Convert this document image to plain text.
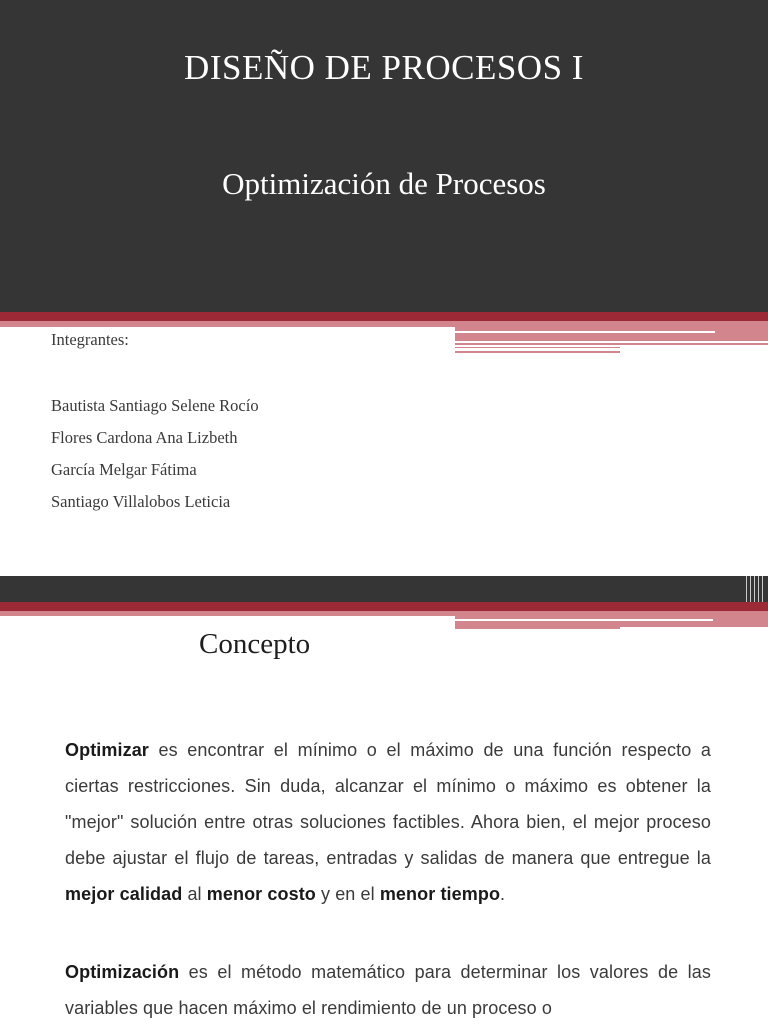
DISEÑO DE PROCESOS I
Optimización de Procesos
Integrantes:
Bautista Santiago Selene Rocío
Flores Cardona Ana Lizbeth
García Melgar Fátima
Santiago Villalobos Leticia
Concepto

Optimizar es encontrar el mínimo o el máximo de una función respecto a ciertas restricciones. Sin duda, alcanzar el mínimo o máximo es obtener la "mejor" solución entre otras soluciones factibles. Ahora bien, el mejor proceso debe ajustar el flujo de tareas, entradas y salidas de manera que entregue la mejor calidad al menor costo y en el menor tiempo.

Optimización es el método matemático para determinar los valores de las variables que hacen máximo el rendimiento de un proceso o
